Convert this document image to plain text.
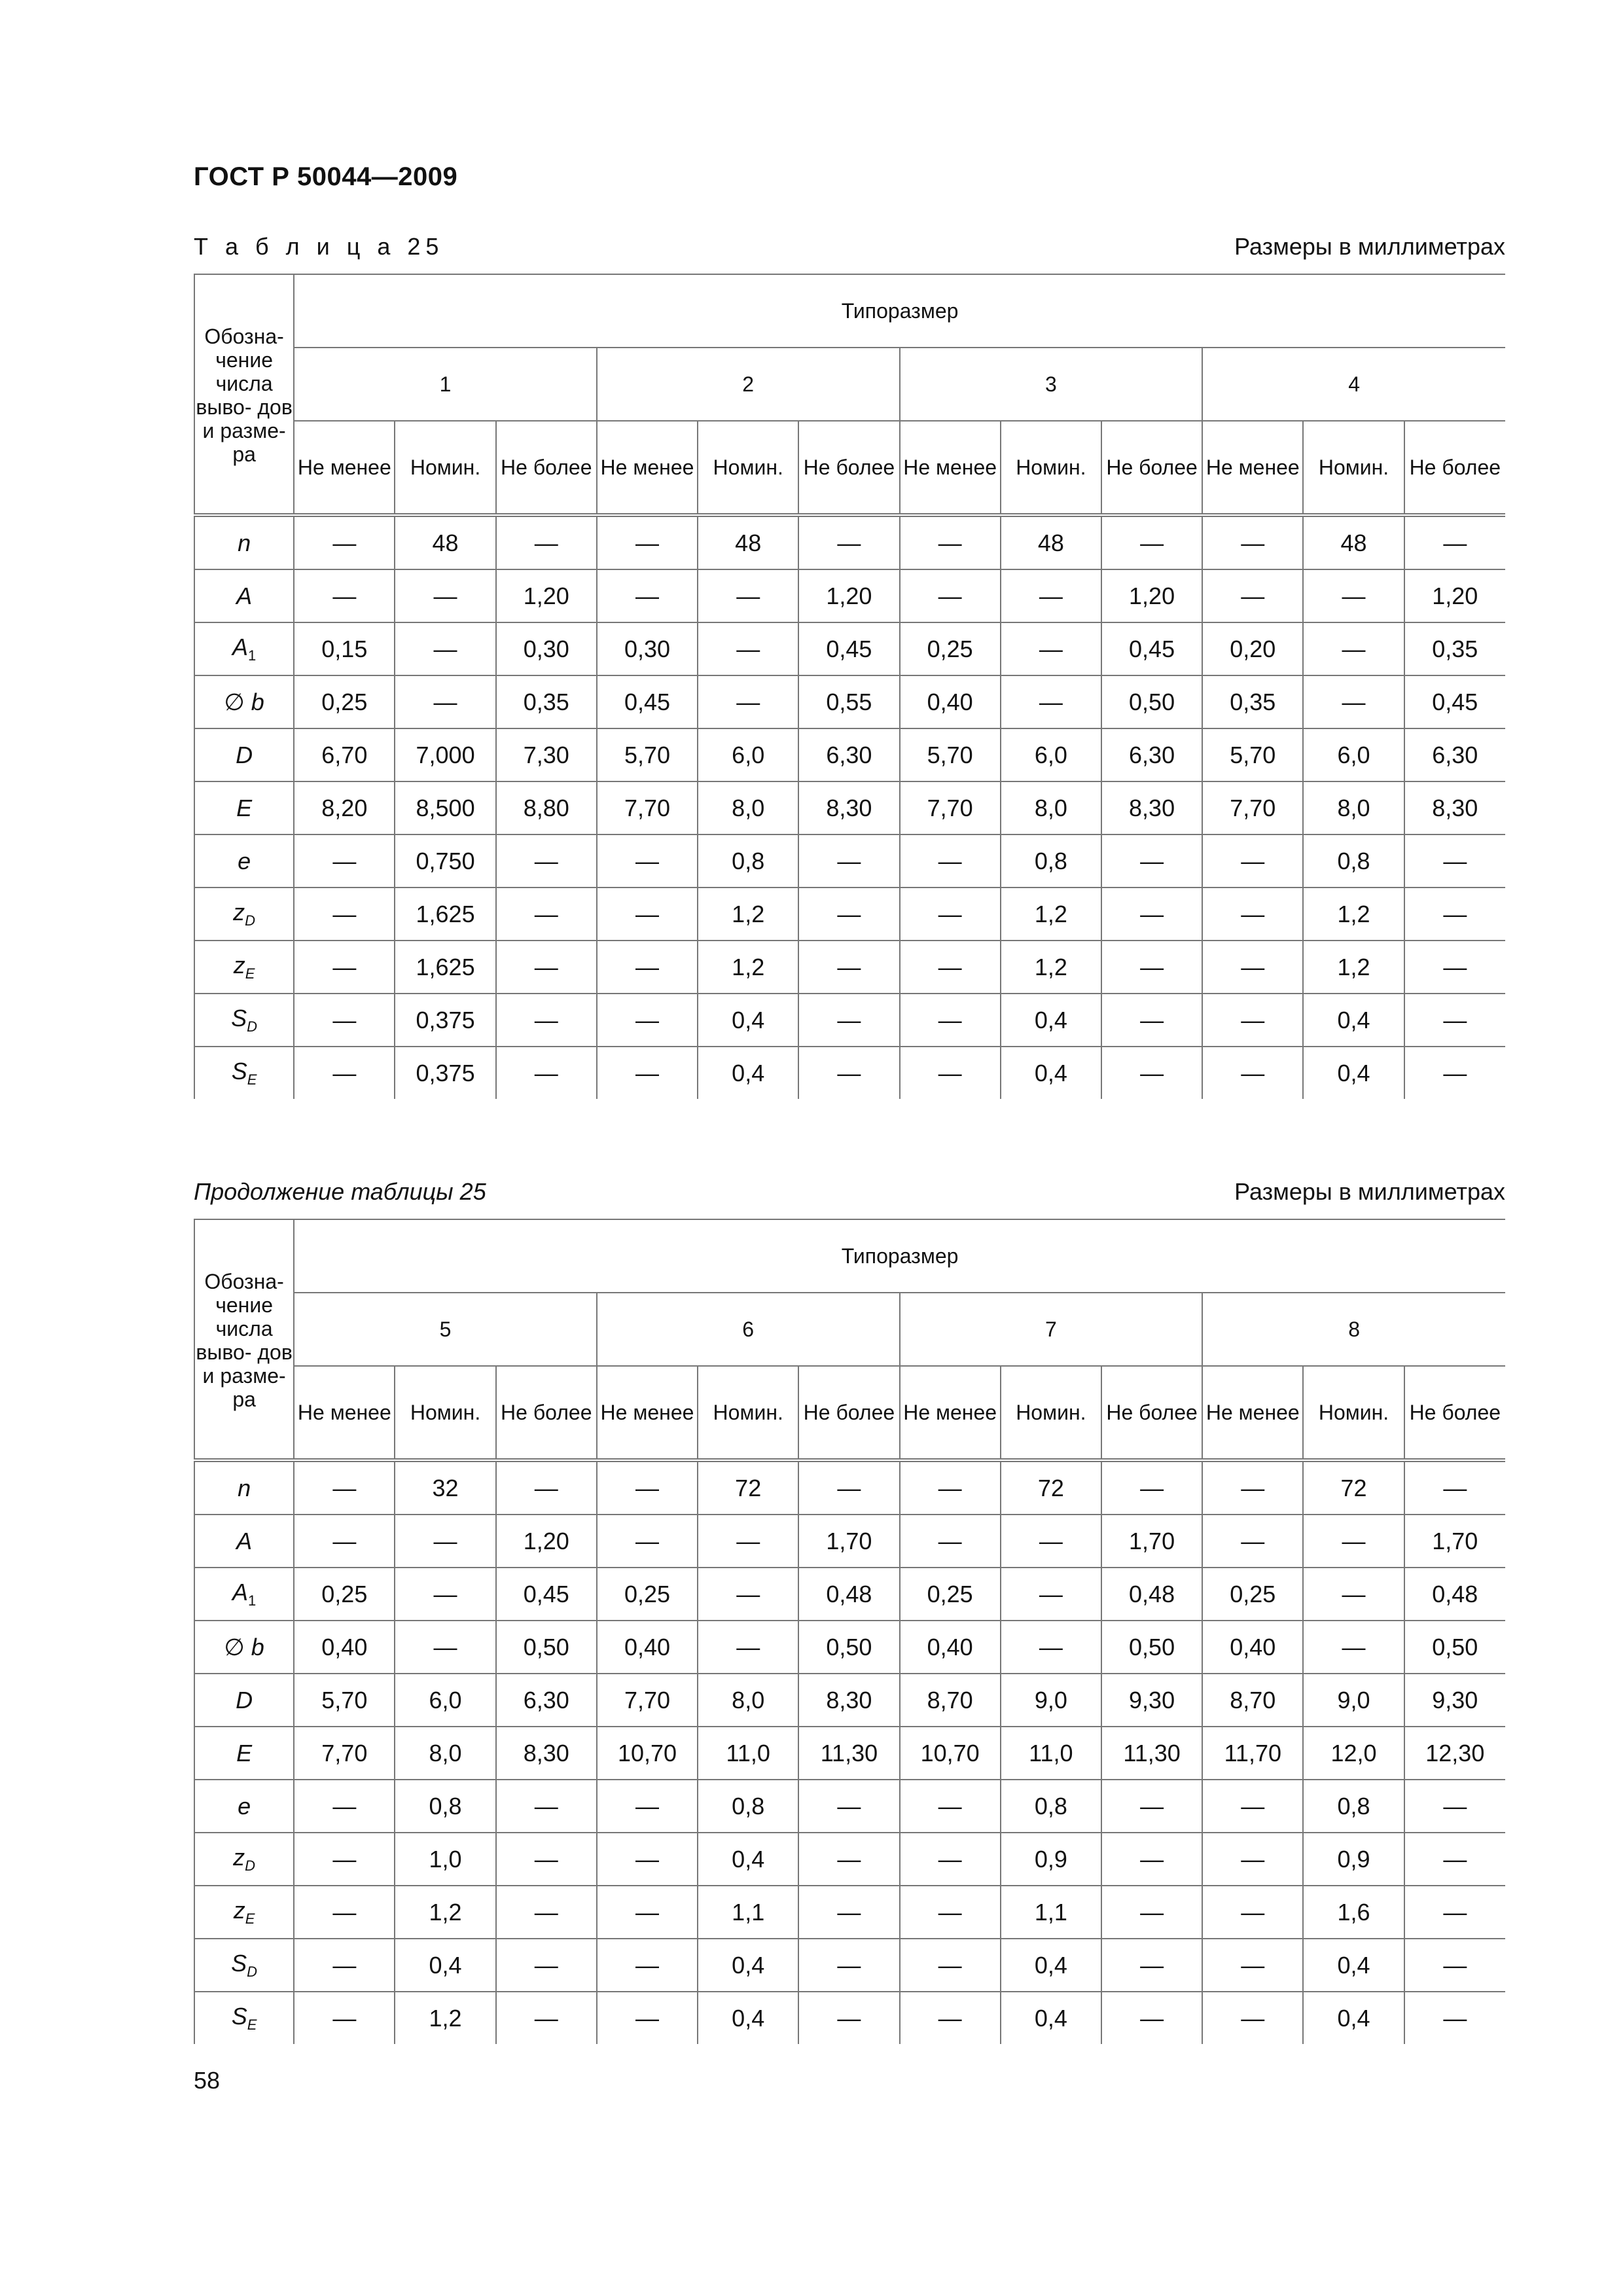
ГОСТ Р 50044—2009
Т а б л и ц а 25	Размеры в миллиметрах
Обозна- чение числа выво- дов и разме- ра	Типоразмер											
	1			2			3			4		
	Не менее	Номин.	Не более	Не менее	Номин.	Не более	Не менее	Номин.	Не более	Не менее	Номин.	Не более
n	—	48	—	—	48	—	—	48	—	—	48	—
A	—	—	1,20	—	—	1,20	—	—	1,20	—	—	1,20
$A_1$	0,15	—	0,30	0,30	—	0,45	0,25	—	0,45	0,20	—	0,35
∅ b	0,25	—	0,35	0,45	—	0,55	0,40	—	0,50	0,35	—	0,45
D	6,70	7,000	7,30	5,70	6,0	6,30	5,70	6,0	6,30	5,70	6,0	6,30
E	8,20	8,500	8,80	7,70	8,0	8,30	7,70	8,0	8,30	7,70	8,0	8,30
e	—	0,750	—	—	0,8	—	—	0,8	—	—	0,8	—
$z_D$	—	1,625	—	—	1,2	—	—	1,2	—	—	1,2	—
$z_E$	—	1,625	—	—	1,2	—	—	1,2	—	—	1,2	—
$S_D$	—	0,375	—	—	0,4	—	—	0,4	—	—	0,4	—
$S_E$	—	0,375	—	—	0,4	—	—	0,4	—	—	0,4	—
Продолжение таблицы 25	Размеры в миллиметрах
Обозна- чение числа выво- дов и разме- ра	Типоразмер											
	5			6			7			8		
	Не менее	Номин.	Не более	Не менее	Номин.	Не более	Не менее	Номин.	Не более	Не менее	Номин.	Не более
n	—	32	—	—	72	—	—	72	—	—	72	—
A	—	—	1,20	—	—	1,70	—	—	1,70	—	—	1,70
$A_1$	0,25	—	0,45	0,25	—	0,48	0,25	—	0,48	0,25	—	0,48
∅ b	0,40	—	0,50	0,40	—	0,50	0,40	—	0,50	0,40	—	0,50
D	5,70	6,0	6,30	7,70	8,0	8,30	8,70	9,0	9,30	8,70	9,0	9,30
E	7,70	8,0	8,30	10,70	11,0	11,30	10,70	11,0	11,30	11,70	12,0	12,30
e	—	0,8	—	—	0,8	—	—	0,8	—	—	0,8	—
$z_D$	—	1,0	—	—	0,4	—	—	0,9	—	—	0,9	—
$z_E$	—	1,2	—	—	1,1	—	—	1,1	—	—	1,6	—
$S_D$	—	0,4	—	—	0,4	—	—	0,4	—	—	0,4	—
$S_E$	—	1,2	—	—	0,4	—	—	0,4	—	—	0,4	—
58
